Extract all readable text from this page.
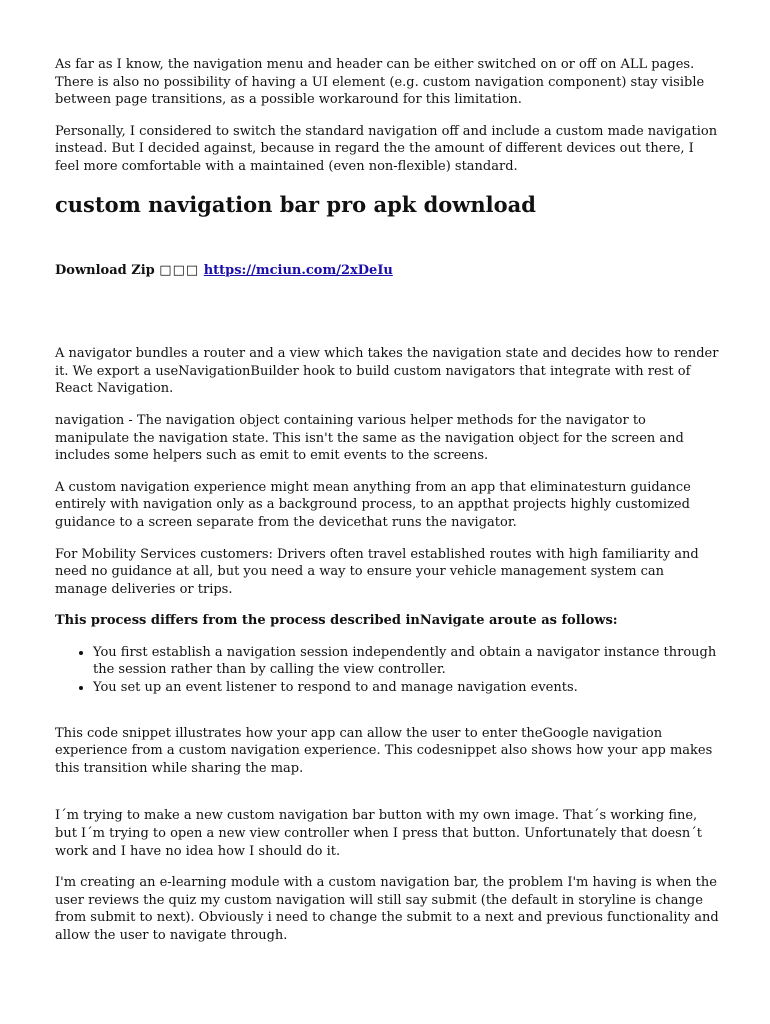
As far as I know, the navigation menu and header can be either switched on or off on ALL pages. There is also no possibility of having a UI element (e.g. custom navigation component) stay visible between page transitions, as a possible workaround for this limitation.

Personally, I considered to switch the standard navigation off and include a custom made navigation instead. But I decided against, because in regard the the amount of different devices out there, I feel more comfortable with a maintained (even non-flexible) standard.

custom navigation bar pro apk download
Download Zip □□□ https://mciun.com/2xDeIu

A navigator bundles a router and a view which takes the navigation state and decides how to render it. We export a useNavigationBuilder hook to build custom navigators that integrate with rest of React Navigation.

navigation - The navigation object containing various helper methods for the navigator to manipulate the navigation state. This isn't the same as the navigation object for the screen and includes some helpers such as emit to emit events to the screens.

A custom navigation experience might mean anything from an app that eliminatesturn guidance entirely with navigation only as a background process, to an appthat projects highly customized guidance to a screen separate from the devicethat runs the navigator.

For Mobility Services customers: Drivers often travel established routes with high familiarity and need no guidance at all, but you need a way to ensure your vehicle management system can manage deliveries or trips.

This process differs from the process described inNavigate aroute as follows:

• You first establish a navigation session independently and obtain a navigator instance through the session rather than by calling the view controller.
• You set up an event listener to respond to and manage navigation events.

This code snippet illustrates how your app can allow the user to enter theGoogle navigation experience from a custom navigation experience. This codesnippet also shows how your app makes this transition while sharing the map.

I´m trying to make a new custom navigation bar button with my own image. That´s working fine, but I´m trying to open a new view controller when I press that button. Unfortunately that doesn´t work and I have no idea how I should do it.

I'm creating an e-learning module with a custom navigation bar, the problem I'm having is when the user reviews the quiz my custom navigation will still say submit (the default in storyline is change from submit to next). Obviously i need to change the submit to a next and previous functionality and allow the user to navigate through.
